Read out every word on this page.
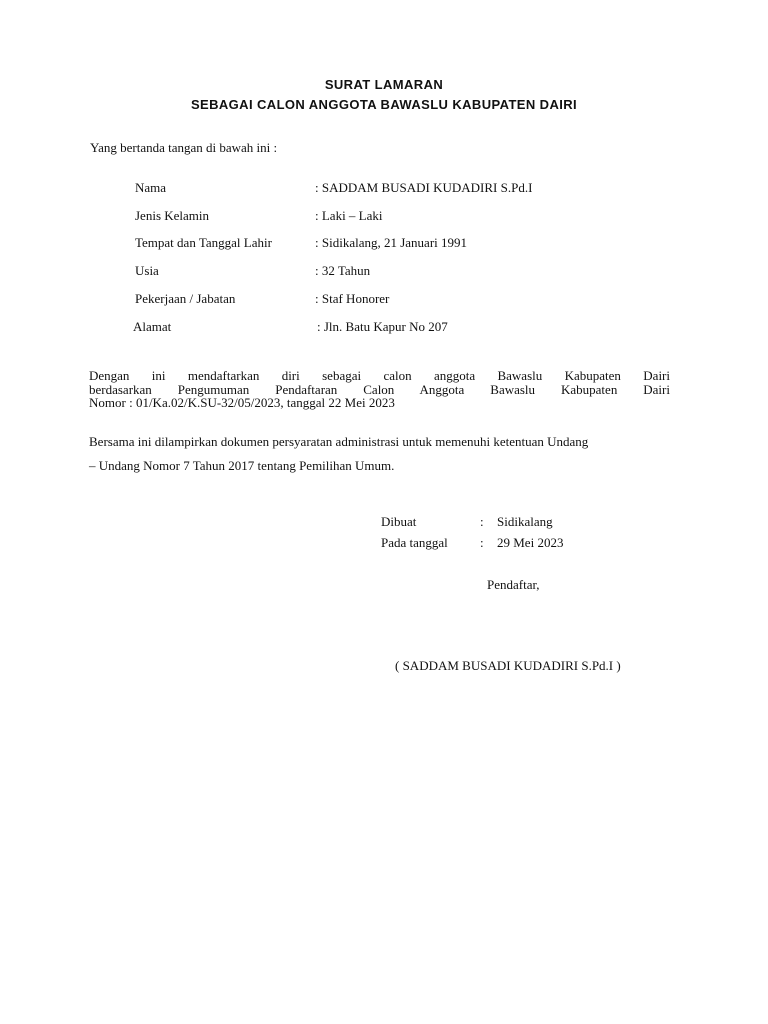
SURAT LAMARAN
SEBAGAI CALON ANGGOTA BAWASLU KABUPATEN DAIRI
Yang bertanda tangan di bawah ini :
Nama	: SADDAM BUSADI KUDADIRI S.Pd.I
Jenis Kelamin	: Laki – Laki
Tempat dan Tanggal Lahir	: Sidikalang, 21 Januari 1991
Usia	: 32 Tahun
Pekerjaan / Jabatan	: Staf Honorer
Alamat	: Jln. Batu Kapur No 207
Dengan ini mendaftarkan diri sebagai calon anggota Bawaslu Kabupaten Dairi
berdasarkan Pengumuman Pendaftaran Calon Anggota Bawaslu Kabupaten Dairi
Nomor : 01/Ka.02/K.SU-32/05/2023, tanggal 22 Mei 2023
Bersama ini dilampirkan dokumen persyaratan administrasi untuk memenuhi ketentuan Undang
– Undang Nomor 7 Tahun 2017 tentang Pemilihan Umum.
Dibuat	: Sidikalang
Pada tanggal : 29 Mei 2023
Pendaftar,
( SADDAM BUSADI KUDADIRI S.Pd.I )
